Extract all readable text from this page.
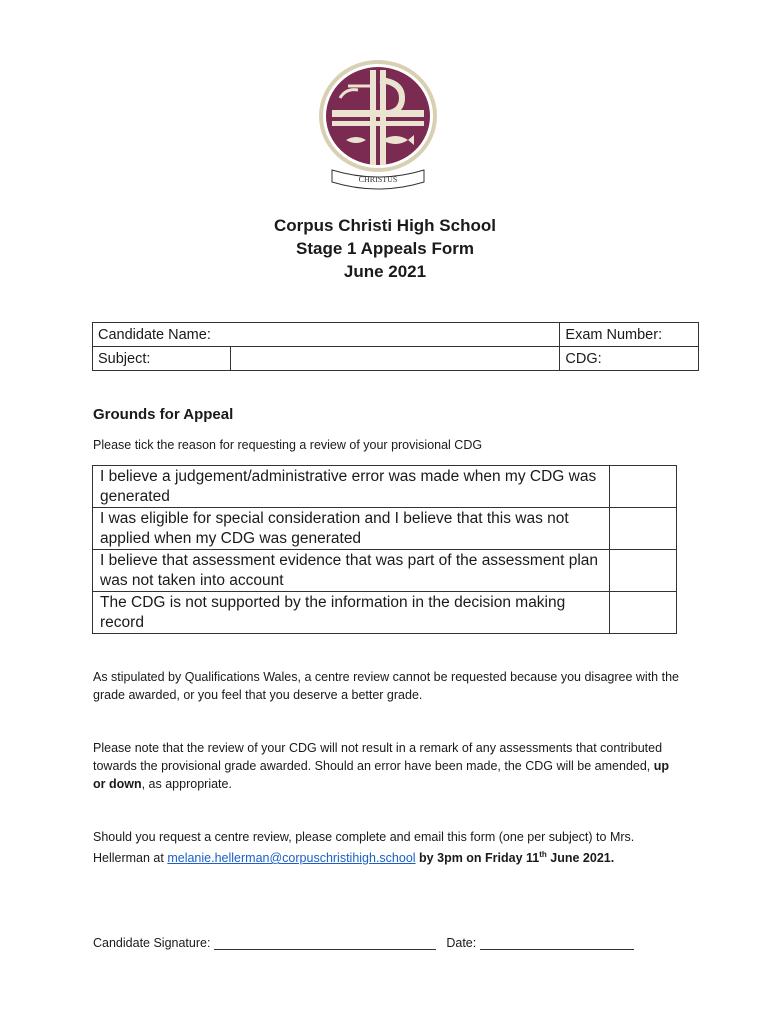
CHRISTUS
Corpus Christi High School
Stage 1 Appeals Form
June 2021
Candidate Name:		Exam Number:
Subject:		CDG:
Grounds for Appeal
Please tick the reason for requesting a review of your provisional CDG
I believe a judgement/administrative error was made when my CDG was generated	
I was eligible for special consideration and I believe that this was not applied when my CDG was generated	
I believe that assessment evidence that was part of the assessment plan was not taken into account	
The CDG is not supported by the information in the decision making record	
As stipulated by Qualifications Wales, a centre review cannot be requested because you disagree with the grade awarded, or you feel that you deserve a better grade.
Please note that the review of your CDG will not result in a remark of any assessments that contributed towards the provisional grade awarded. Should an error have been made, the CDG will be amended, up or down, as appropriate.
Should you request a centre review, please complete and email this form (one per subject) to Mrs. Hellerman at melanie.hellerman@corpuschristihigh.school by 3pm on Friday 11th June 2021.
Candidate Signature:	Date:
